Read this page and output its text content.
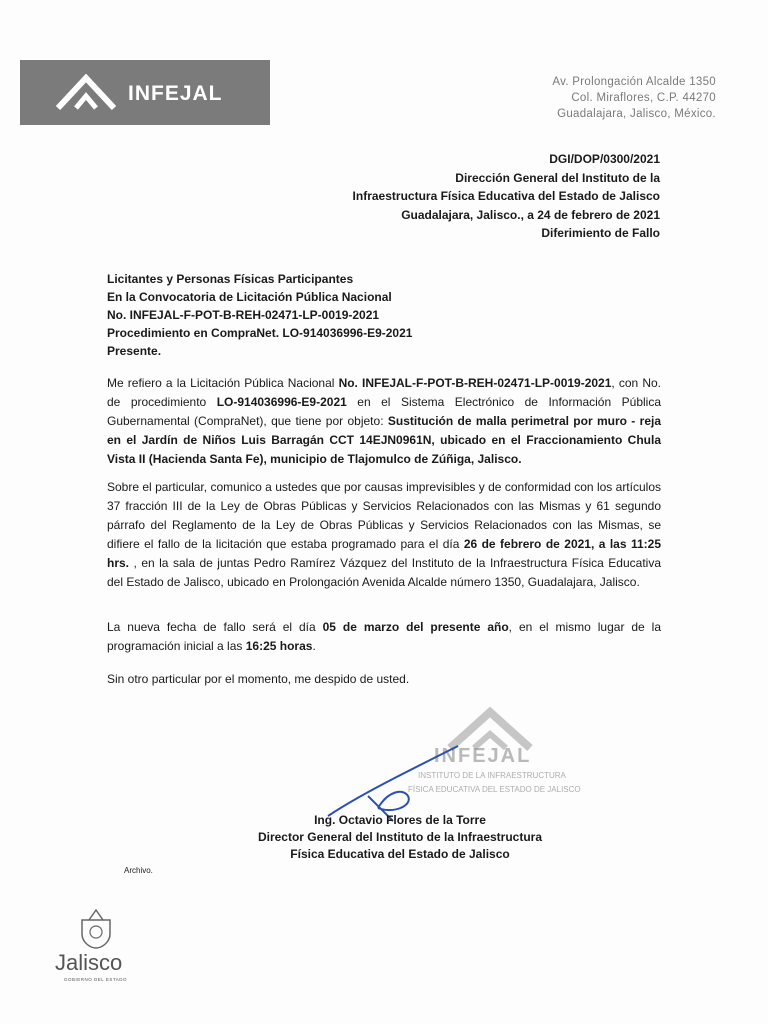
INFEJAL	Av. Prolongación Alcalde 1350
Col. Miraflores, C.P. 44270
Guadalajara, Jalisco, México.
DGI/DOP/0300/2021
Dirección General del Instituto de la
Infraestructura Física Educativa del Estado de Jalisco
Guadalajara, Jalisco., a 24 de febrero de 2021
Diferimiento de Fallo
Licitantes y Personas Físicas Participantes
En la Convocatoria de Licitación Pública Nacional
No. INFEJAL-F-POT-B-REH-02471-LP-0019-2021
Procedimiento en CompraNet. LO-914036996-E9-2021
Presente.
Me refiero a la Licitación Pública Nacional No. INFEJAL-F-POT-B-REH-02471-LP-0019-2021, con No. de procedimiento LO-914036996-E9-2021 en el Sistema Electrónico de Información Pública Gubernamental (CompraNet), que tiene por objeto: Sustitución de malla perimetral por muro - reja en el Jardín de Niños Luis Barragán CCT 14EJN0961N, ubicado en el Fraccionamiento Chula Vista II (Hacienda Santa Fe), municipio de Tlajomulco de Zúñiga, Jalisco.
Sobre el particular, comunico a ustedes que por causas imprevisibles y de conformidad con los artículos 37 fracción III de la Ley de Obras Públicas y Servicios Relacionados con las Mismas y 61 segundo párrafo del Reglamento de la Ley de Obras Públicas y Servicios Relacionados con las Mismas, se difiere el fallo de la licitación que estaba programado para el día 26 de febrero de 2021, a las 11:25 hrs. , en la sala de juntas Pedro Ramírez Vázquez del Instituto de la Infraestructura Física Educativa del Estado de Jalisco, ubicado en Prolongación Avenida Alcalde número 1350, Guadalajara, Jalisco.
La nueva fecha de fallo será el día 05 de marzo del presente año, en el mismo lugar de la programación inicial a las 16:25 horas.
Sin otro particular por el momento, me despido de usted.
INFEJAL
INSTITUTO DE LA INFRAESTRUCTURA
FÍSICA EDUCATIVA DEL ESTADO DE JALISCO
Ing. Octavio Flores de la Torre
Director General del Instituto de la Infraestructura
Física Educativa del Estado de Jalisco
Archivo.
Jalisco
GOBIERNO DEL ESTADO
